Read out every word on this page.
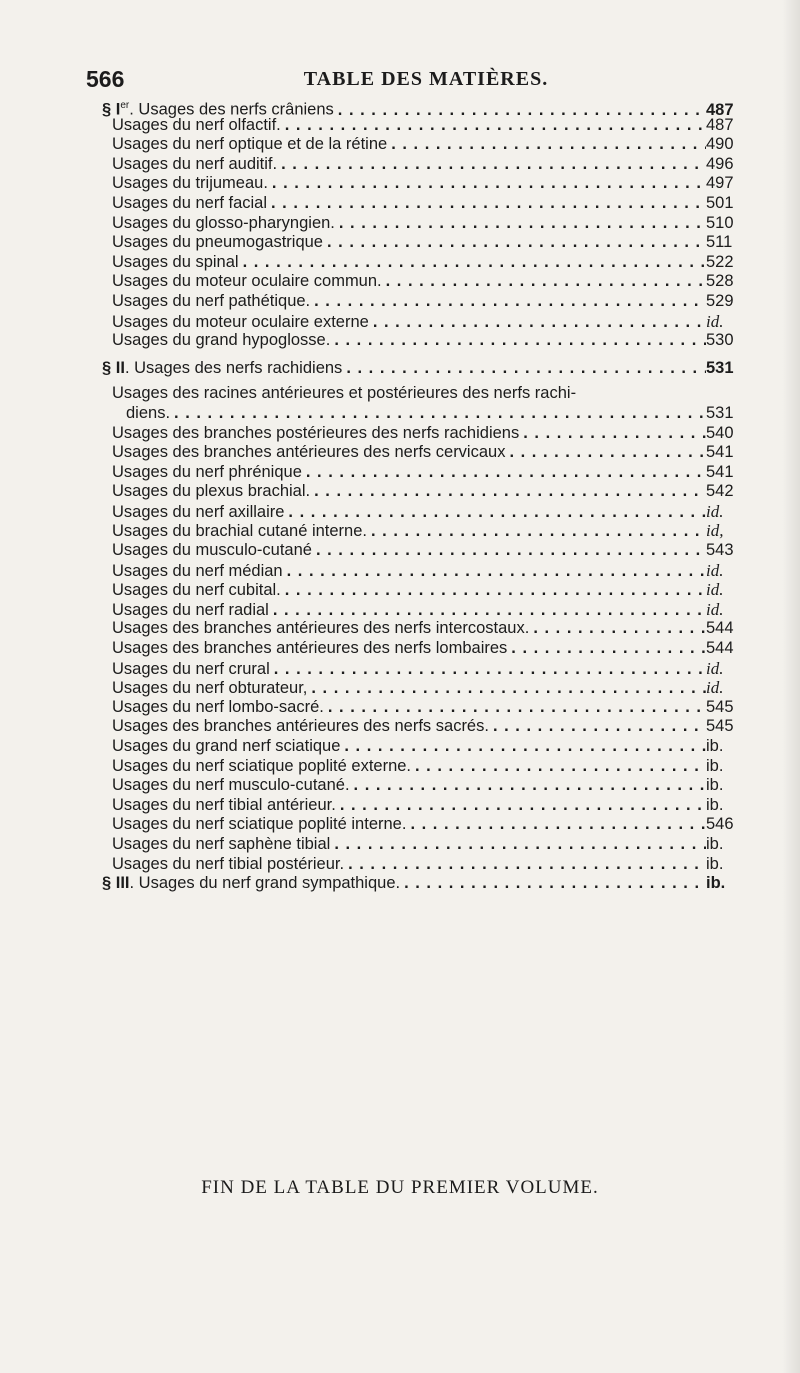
566	TABLE DES MATIÈRES.
§ Ier. Usages des nerfs crâniens . . .	487
Usages du nerf olfactif. . . .	487
Usages du nerf optique et de la rétine . . .	490
Usages du nerf auditif. . . .	496
Usages du trijumeau. . . .	497
Usages du nerf facial . . .	501
Usages du glosso-pharyngien. . . .	510
Usages du pneumogastrique . . .	511
Usages du spinal . . .	522
Usages du moteur oculaire commun. . . .	528
Usages du nerf pathétique. . . .	529
Usages du moteur oculaire externe . . .	id.
Usages du grand hypoglosse. . . .	530
§ II. Usages des nerfs rachidiens . . .	531
Usages des racines antérieures et postérieures des nerfs rachi-
diens. . . .	531
Usages des branches postérieures des nerfs rachidiens . . .	540
Usages des branches antérieures des nerfs cervicaux . . .	541
Usages du nerf phrénique . . .	541
Usages du plexus brachial. . . .	542
Usages du nerf axillaire . . .	id.
Usages du brachial cutané interne. . . .	id,
Usages du musculo-cutané . . .	543
Usages du nerf médian . . .	id.
Usages du nerf cubital. . . .	id.
Usages du nerf radial . . .	id.
Usages des branches antérieures des nerfs intercostaux. . . .	544
Usages des branches antérieures des nerfs lombaires . . .	544
Usages du nerf crural . . .	id.
Usages du nerf obturateur, . . .	id.
Usages du nerf lombo-sacré. . . .	545
Usages des branches antérieures des nerfs sacrés. . . .	545
Usages du grand nerf sciatique . . .	ib.
Usages du nerf sciatique poplité externe. . . .	ib.
Usages du nerf musculo-cutané. . . .	ib.
Usages du nerf tibial antérieur. . . .	ib.
Usages du nerf sciatique poplité interne. . . .	546
Usages du nerf saphène tibial . . .	ib.
Usages du nerf tibial postérieur. . . .	ib.
§ III. Usages du nerf grand sympathique. . . .	ib.
FIN DE LA TABLE DU PREMIER VOLUME.
